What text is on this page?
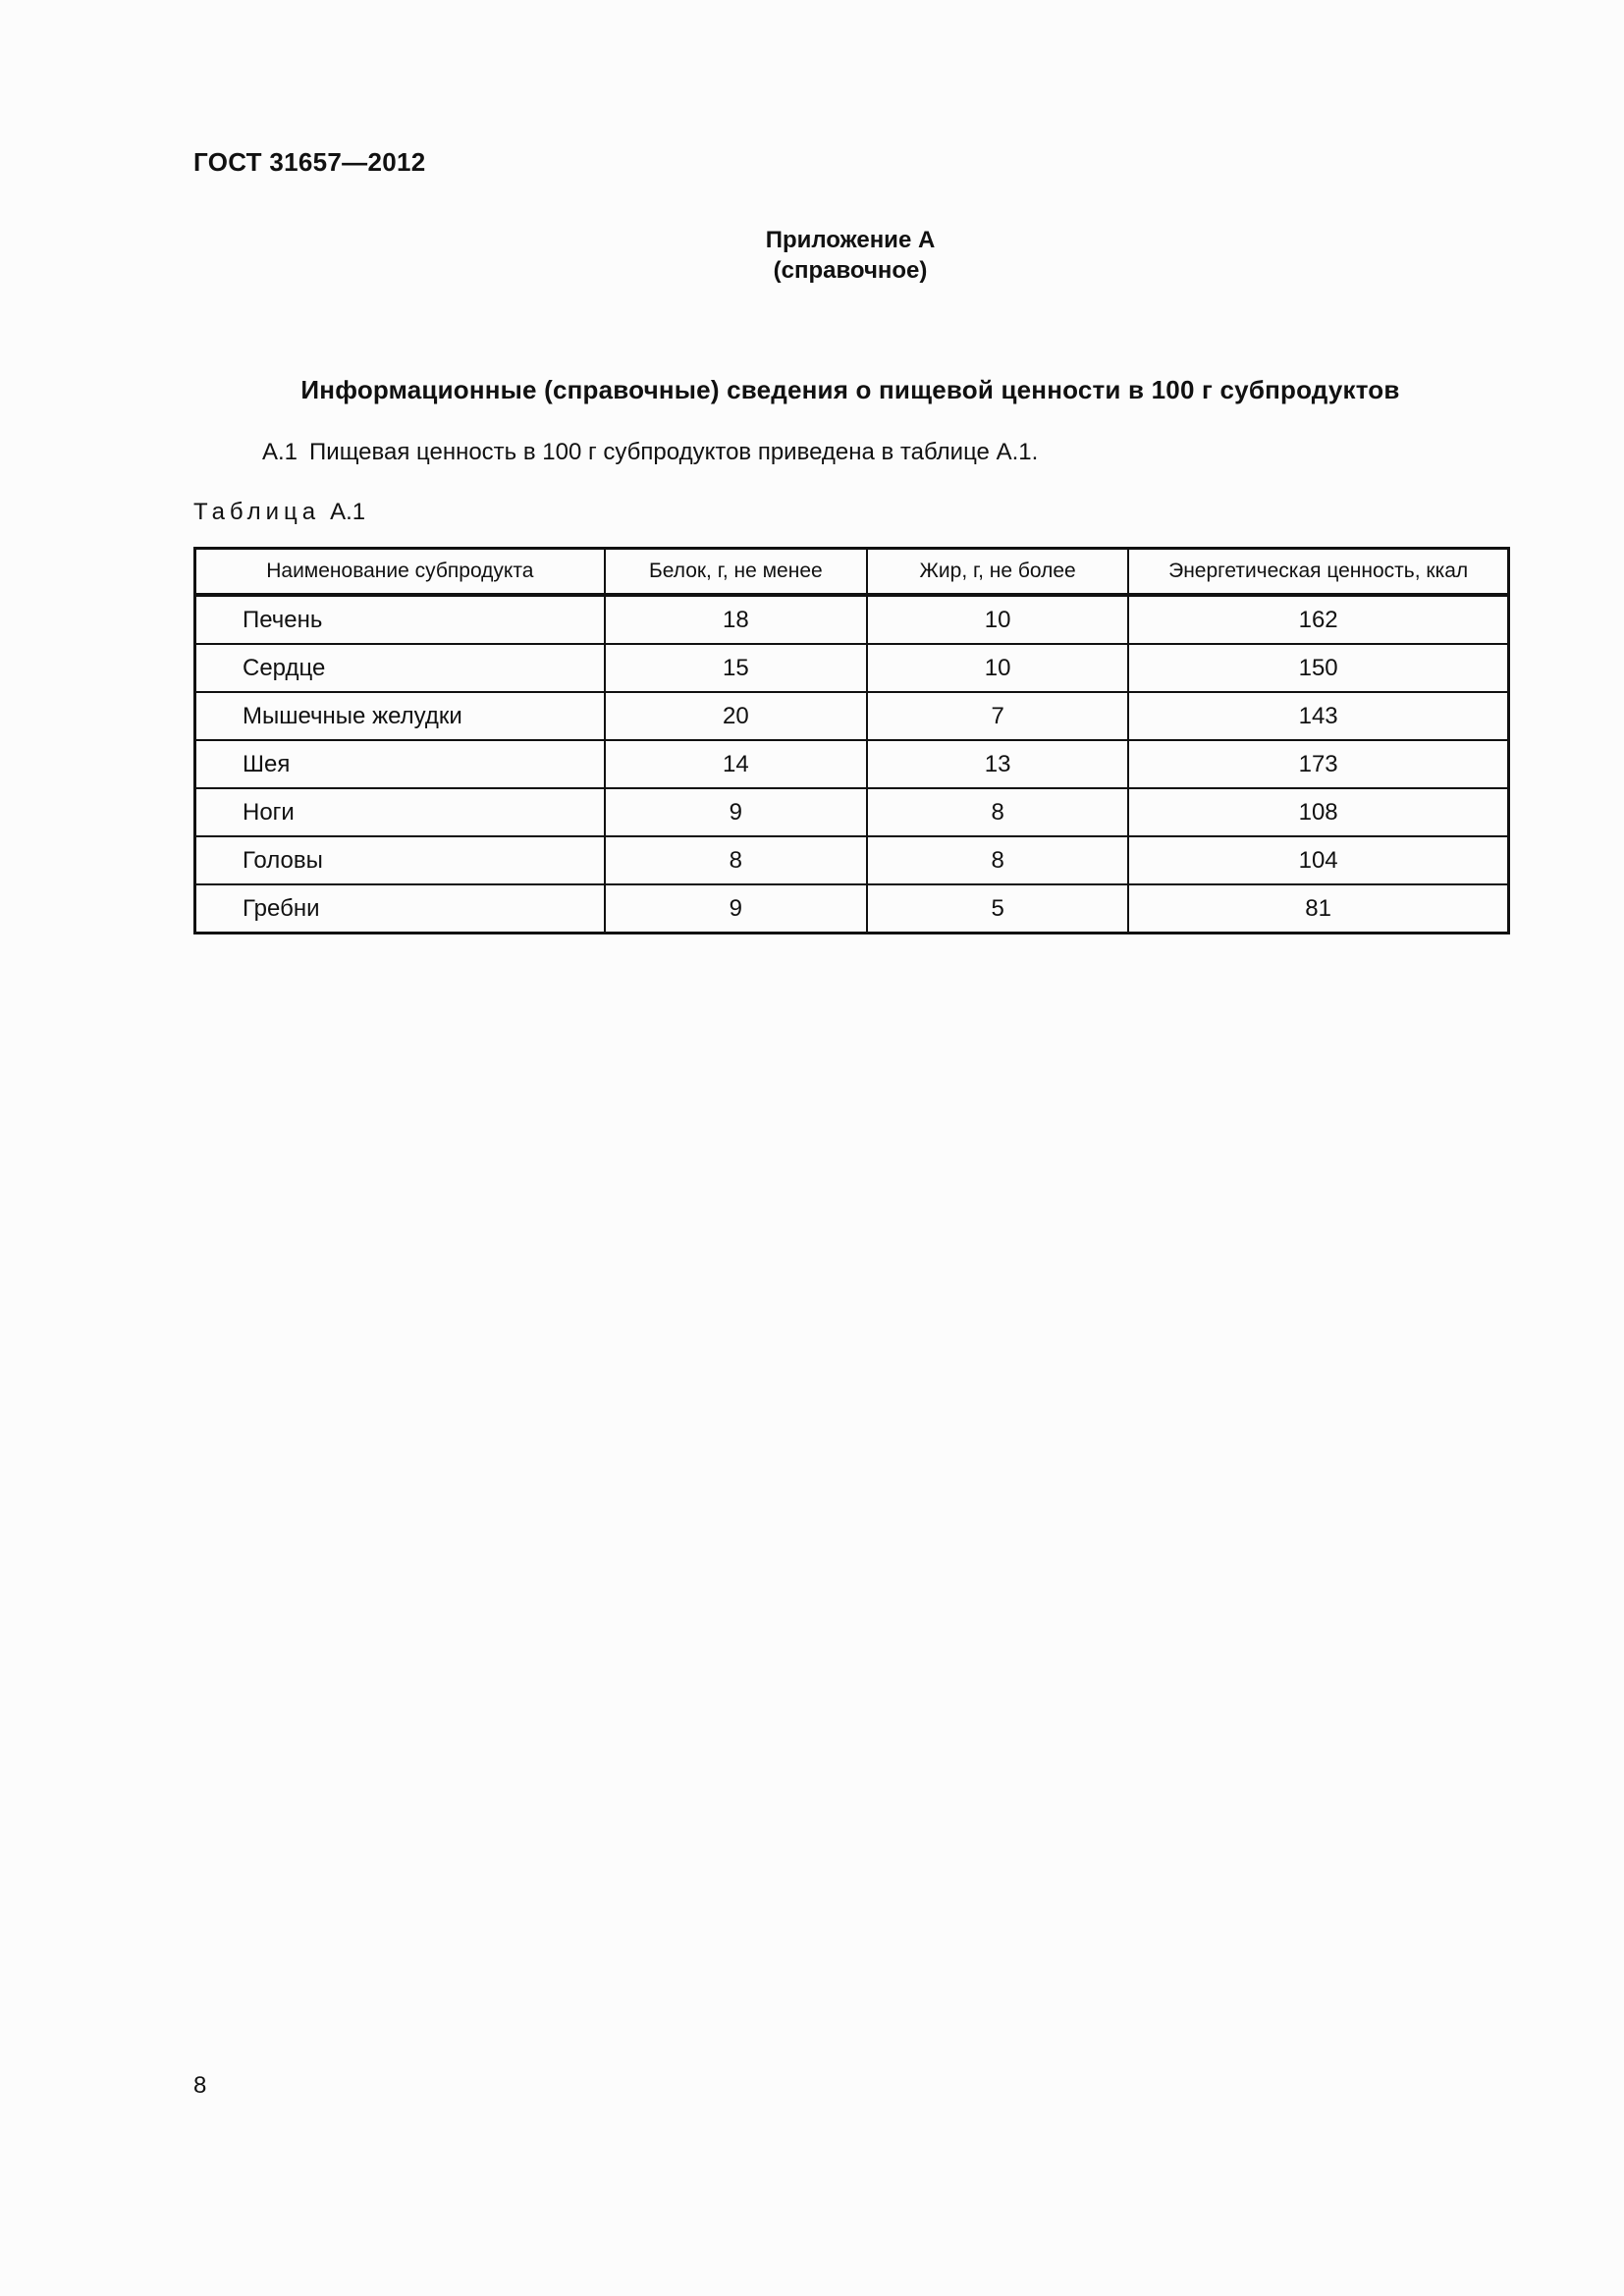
ГОСТ 31657—2012
Приложение А
(справочное)
Информационные (справочные) сведения о пищевой ценности в 100 г субпродуктов
А.1 Пищевая ценность в 100 г субпродуктов приведена в таблице А.1.
Таблица А.1
Наименование субпродукта	Белок, г, не менее	Жир, г, не более	Энергетическая ценность, ккал
Печень	18	10	162
Сердце	15	10	150
Мышечные желудки	20	7	143
Шея	14	13	173
Ноги	9	8	108
Головы	8	8	104
Гребни	9	5	81
8
